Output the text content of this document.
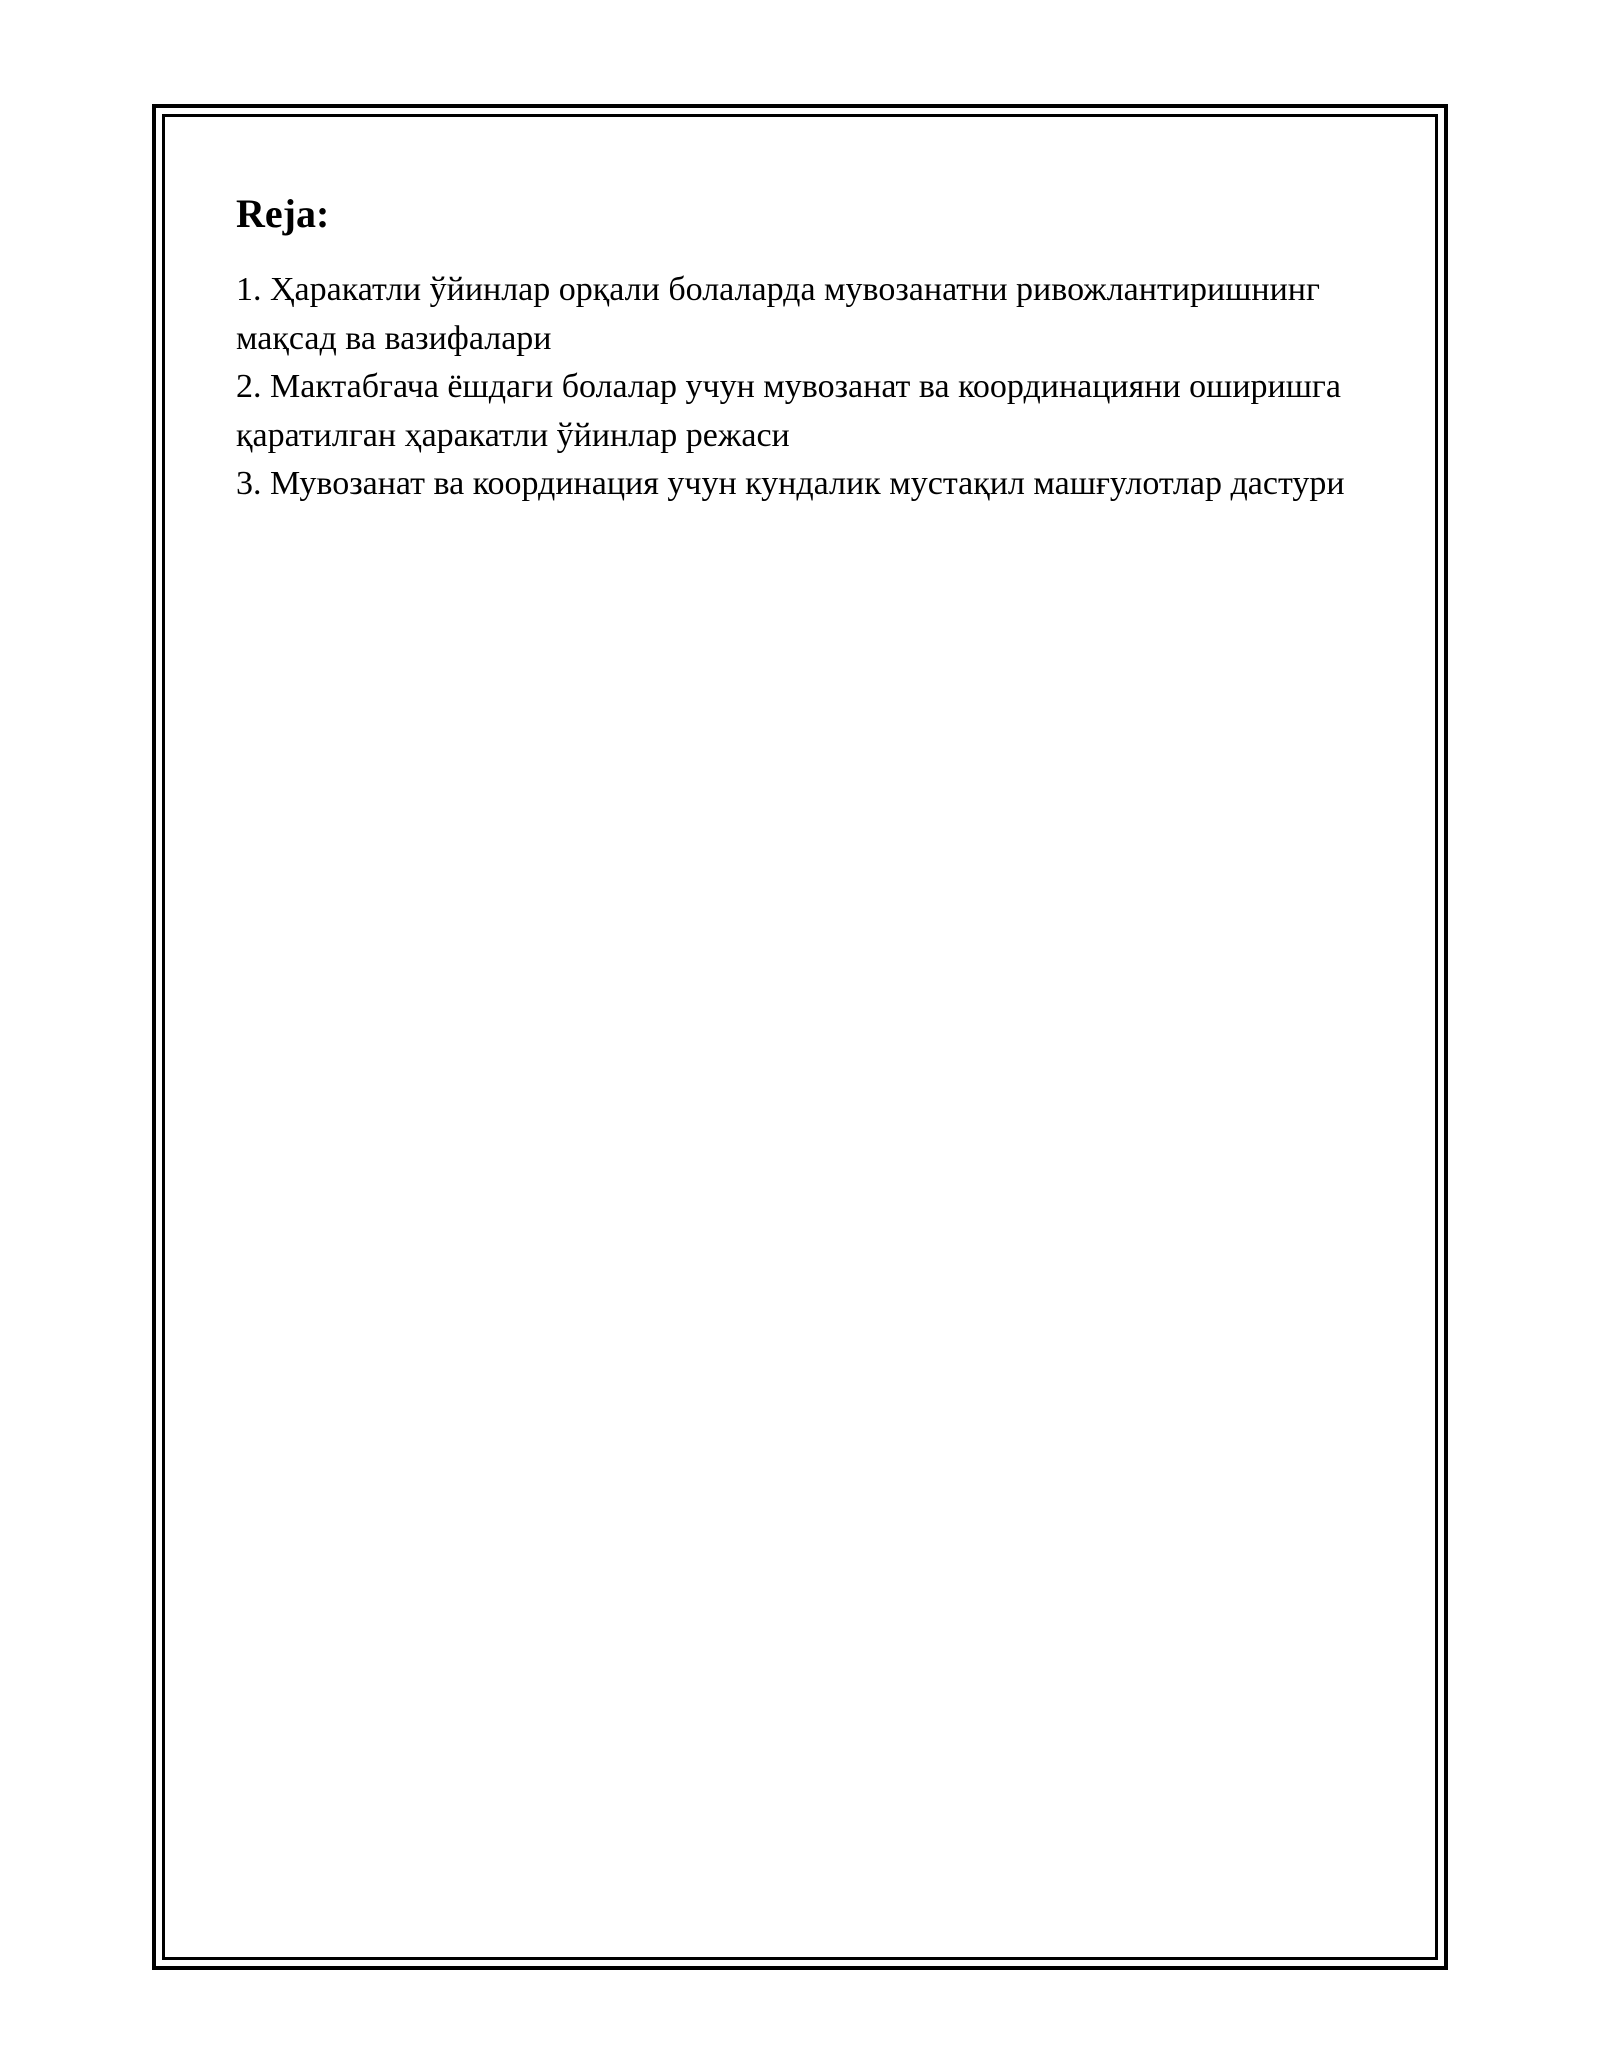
Reja:
1. Ҳаракатли ўйинлар орқали болаларда мувозанатни ривожлантиришнинг мақсад ва вазифалари
2. Мактабгача ёшдаги болалар учун мувозанат ва координацияни оширишга қаратилган ҳаракатли ўйинлар режаси
3. Мувозанат ва координация учун кундалик мустақил машғулотлар дастури
